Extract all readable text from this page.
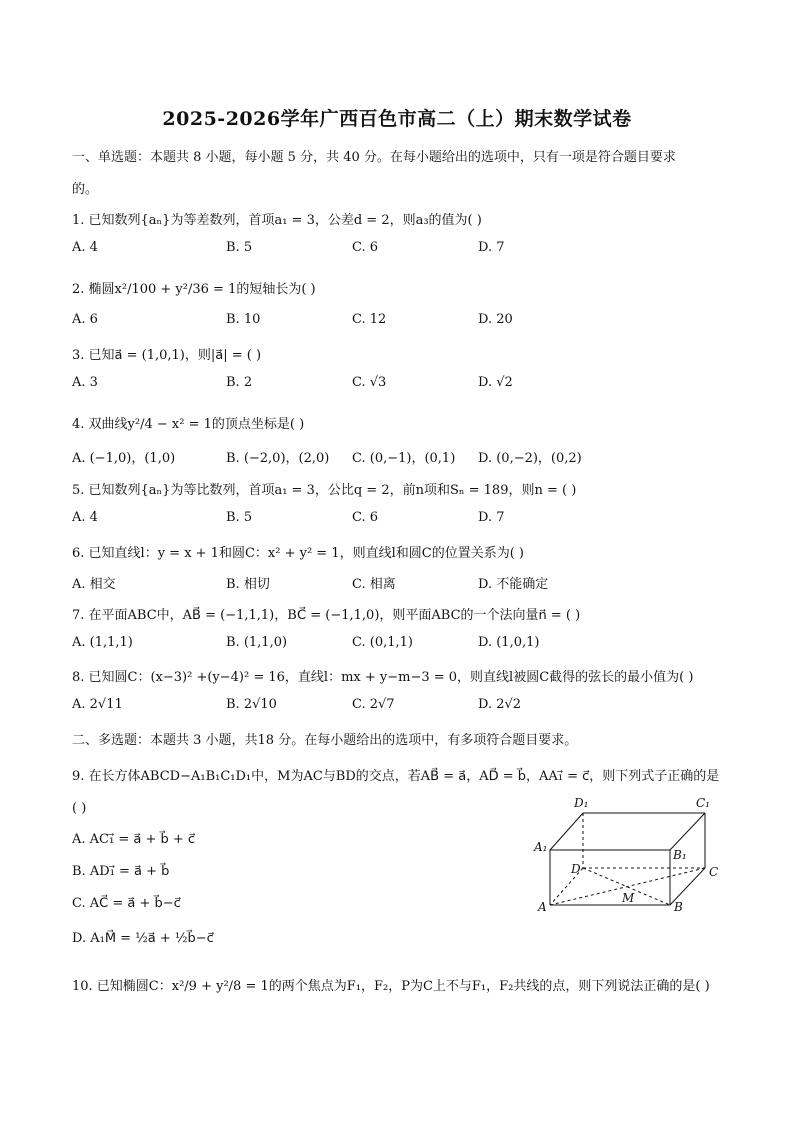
2025-2026学年广西百色市高二（上）期末数学试卷
一、单选题：本题共 8 小题，每小题 5 分，共 40 分。在每小题给出的选项中，只有一项是符合题目要求
的。
1. 已知数列{aₙ}为等差数列，首项a₁ = 3，公差d = 2，则a₃的值为( )
A. 4	B. 5	C. 6	D. 7
2. 椭圆x²/100 + y²/36 = 1的短轴长为( )
A. 6	B. 10	C. 12	D. 20
3. 已知a⃗ = (1,0,1)，则|a⃗| = ( )
A. 3	B. 2	C. √3	D. √2
4. 双曲线y²/4 − x² = 1的顶点坐标是( )
A. (−1,0)，(1,0)	B. (−2,0)，(2,0) C. (0,−1)，(0,1) D. (0,−2)，(0,2)
5. 已知数列{aₙ}为等比数列，首项a₁ = 3，公比q = 2，前n项和Sₙ = 189，则n = ( )
A. 4	B. 5	C. 6	D. 7
6. 已知直线l：y = x + 1和圆C：x² + y² = 1，则直线l和圆C的位置关系为( )
A. 相交	B. 相切	C. 相离	D. 不能确定
7. 在平面ABC中，AB⃗ = (−1,1,1)，BC⃗ = (−1,1,0)，则平面ABC的一个法向量n⃗ = ( )
A. (1,1,1)	B. (1,1,0)	C. (0,1,1)	D. (1,0,1)
8. 已知圆C：(x−3)² +(y−4)² = 16，直线l：mx + y−m−3 = 0，则直线l被圆C截得的弦长的最小值为( )
A. 2√11	B. 2√10	C. 2√7	D. 2√2
二、多选题：本题共 3 小题，共18 分。在每小题给出的选项中，有多项符合题目要求。
9. 在长方体ABCD−A₁B₁C₁D₁中，M为AC与BD的交点，若AB⃗ = a⃗，AD⃗ = b⃗，AA₁⃗ = c⃗，则下列式子正确的是
( )
A. AC₁⃗ = a⃗ + b⃗ + c⃗
B. AD₁⃗ = a⃗ + b⃗
C. AC⃗ = a⃗ + b⃗−c⃗
D. A₁M⃗ = ½a⃗ + ½b⃗−c⃗
D₁	C₁
A₁
B₁
D	C
A	B
M
10. 已知椭圆C：x²/9 + y²/8 = 1的两个焦点为F₁，F₂，P为C上不与F₁，F₂共线的点，则下列说法正确的是( )
